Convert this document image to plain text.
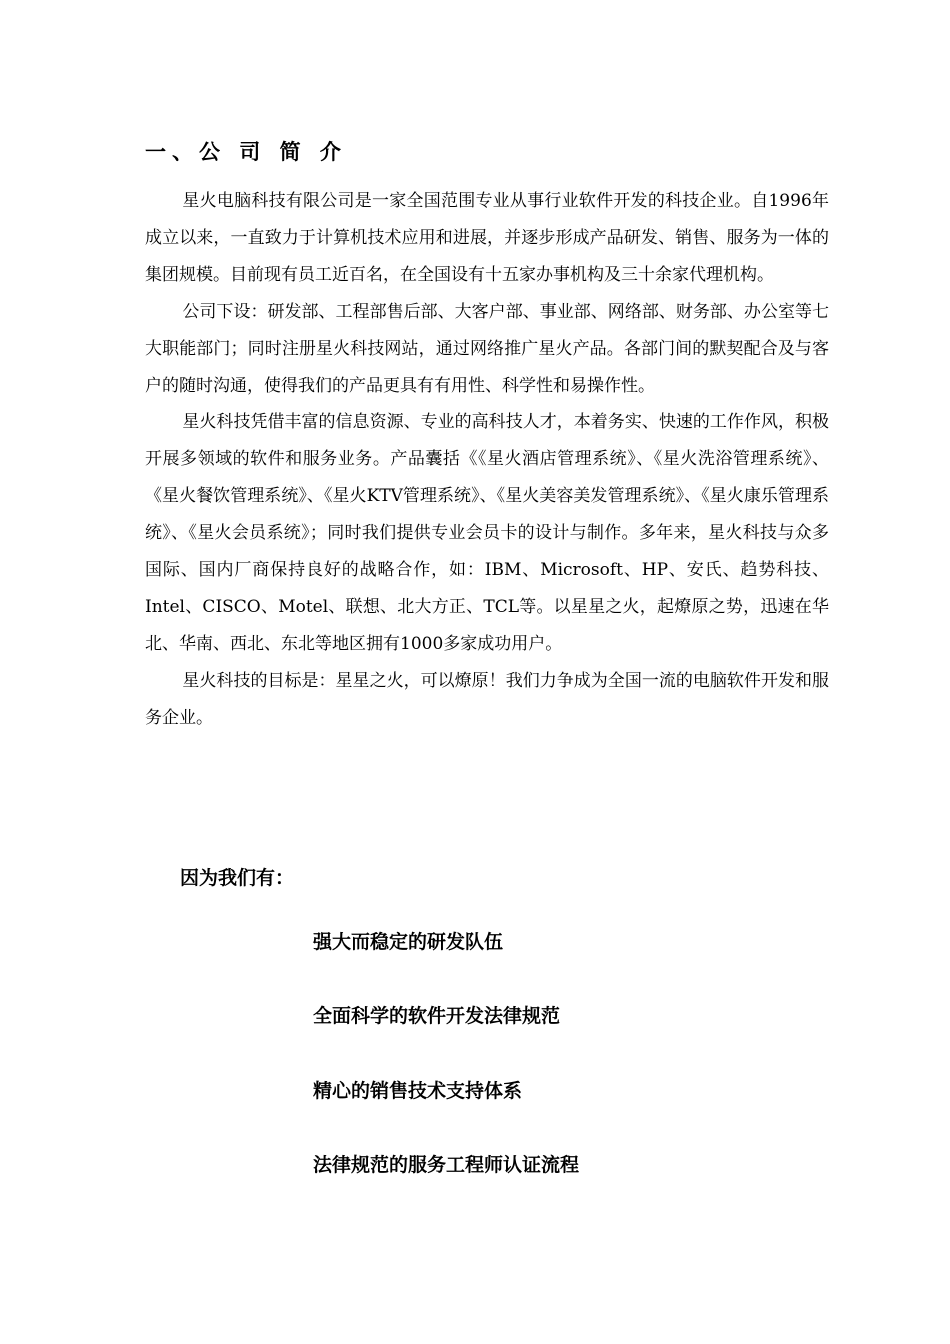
一、公 司 简 介

星火电脑科技有限公司是一家全国范围专业从事行业软件开发的科技企业。自1996年成立以来，一直致力于计算机技术应用和进展，并逐步形成产品研发、销售、服务为一体的集团规模。目前现有员工近百名，在全国设有十五家办事机构及三十余家代理机构。

公司下设：研发部、工程部售后部、大客户部、事业部、网络部、财务部、办公室等七大职能部门；同时注册星火科技网站，通过网络推广星火产品。各部门间的默契配合及与客户的随时沟通，使得我们的产品更具有有用性、科学性和易操作性。

星火科技凭借丰富的信息资源、专业的高科技人才，本着务实、快速的工作作风，积极开展多领域的软件和服务业务。产品囊括《《星火酒店管理系统》、《星火洗浴管理系统》、《星火餐饮管理系统》、《星火KTV管理系统》、《星火美容美发管理系统》、《星火康乐管理系统》、《星火会员系统》；同时我们提供专业会员卡的设计与制作。多年来，星火科技与众多国际、国内厂商保持良好的战略合作，如：IBM、Microsoft、HP、安氏、趋势科技、Intel、CISCO、Motel、联想、北大方正、TCL等。以星星之火，起燎原之势，迅速在华北、华南、西北、东北等地区拥有1000多家成功用户。

星火科技的目标是：星星之火，可以燎原！我们力争成为全国一流的电脑软件开发和服务企业。

因为我们有：
强大而稳定的研发队伍
全面科学的软件开发法律规范
精心的销售技术支持体系
法律规范的服务工程师认证流程
